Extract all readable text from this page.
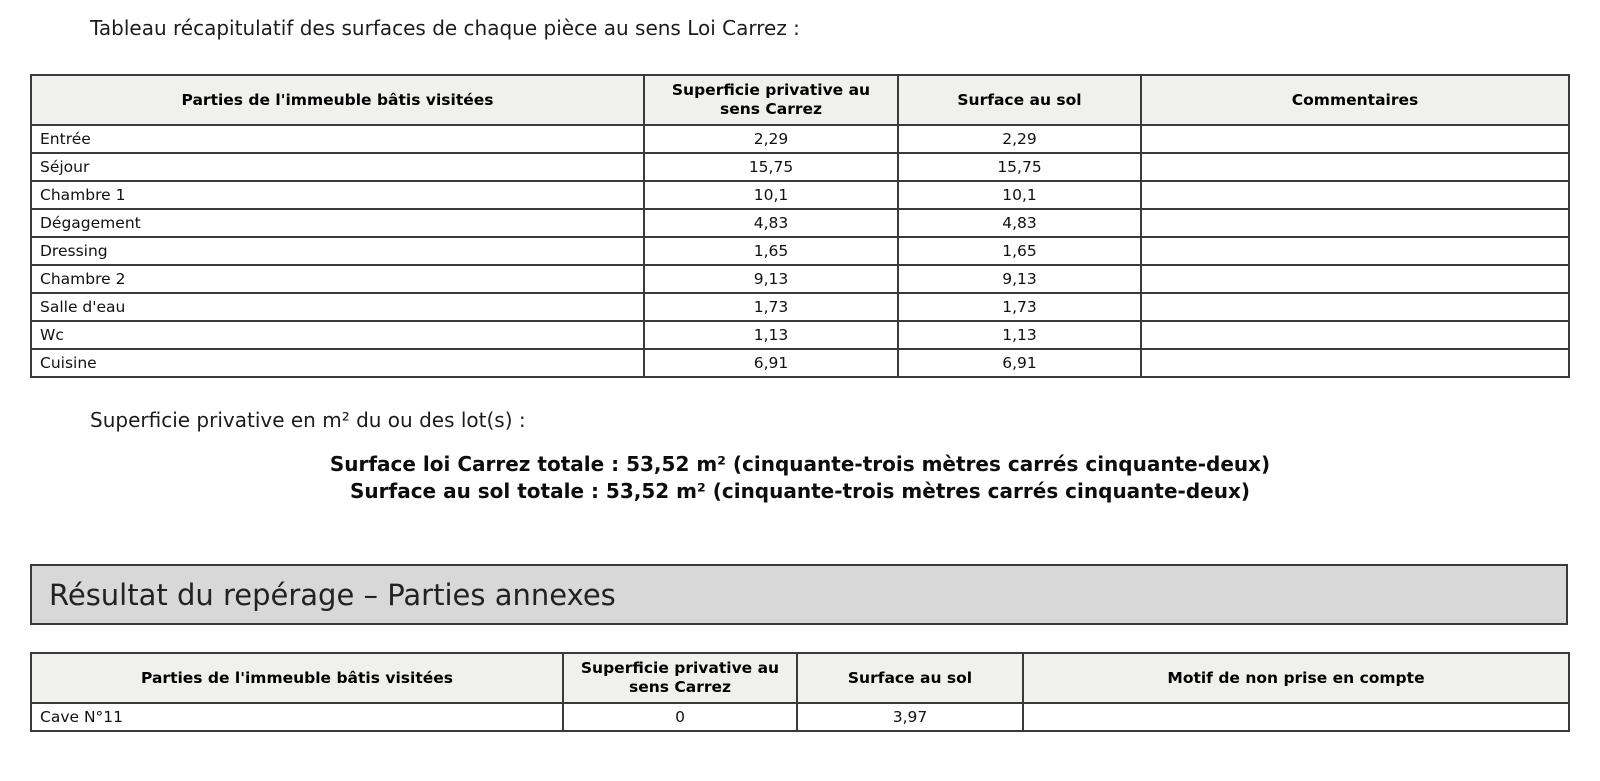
Tableau récapitulatif des surfaces de chaque pièce au sens Loi Carrez :
Parties de l'immeuble bâtis visitées	Superficie privative au sens Carrez	Surface au sol	Commentaires
Entrée	2,29	2,29	
Séjour	15,75	15,75	
Chambre 1	10,1	10,1	
Dégagement	4,83	4,83	
Dressing	1,65	1,65	
Chambre 2	9,13	9,13	
Salle d'eau	1,73	1,73	
Wc	1,13	1,13	
Cuisine	6,91	6,91	
Superficie privative en m² du ou des lot(s) :
Surface loi Carrez totale : 53,52 m² (cinquante-trois mètres carrés cinquante-deux)
Surface au sol totale : 53,52 m² (cinquante-trois mètres carrés cinquante-deux)
Résultat du repérage – Parties annexes
Parties de l'immeuble bâtis visitées	Superficie privative au sens Carrez	Surface au sol	Motif de non prise en compte
Cave N°11	0	3,97	
